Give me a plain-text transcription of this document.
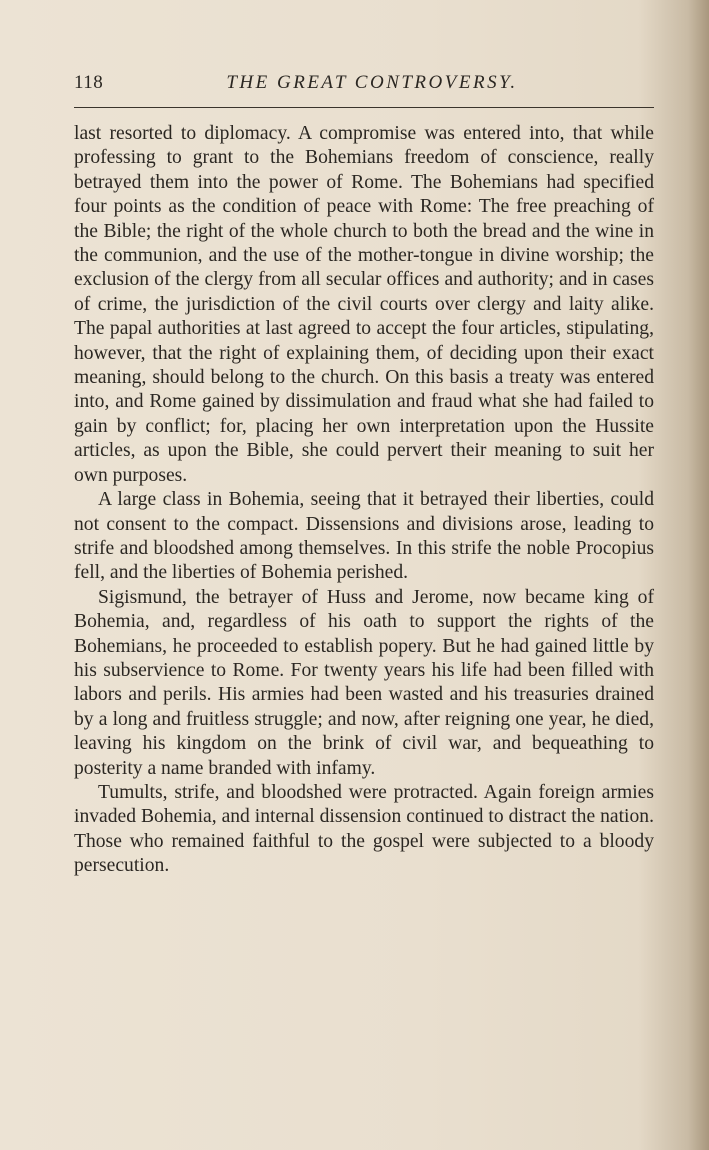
118	THE GREAT CONTROVERSY.

last resorted to diplomacy. A compromise was entered into, that while professing to grant to the Bohemians freedom of conscience, really betrayed them into the power of Rome. The Bohemians had specified four points as the condition of peace with Rome: The free preaching of the Bible; the right of the whole church to both the bread and the wine in the communion, and the use of the mother-tongue in divine worship; the exclusion of the clergy from all secular offices and authority; and in cases of crime, the jurisdiction of the civil courts over clergy and laity alike. The papal authorities at last agreed to accept the four articles, stipulating, however, that the right of explaining them, of deciding upon their exact meaning, should belong to the church. On this basis a treaty was entered into, and Rome gained by dissimulation and fraud what she had failed to gain by conflict; for, placing her own interpretation upon the Hussite articles, as upon the Bible, she could pervert their meaning to suit her own purposes.

A large class in Bohemia, seeing that it betrayed their liberties, could not consent to the compact. Dissensions and divisions arose, leading to strife and bloodshed among themselves. In this strife the noble Procopius fell, and the liberties of Bohemia perished.

Sigismund, the betrayer of Huss and Jerome, now became king of Bohemia, and, regardless of his oath to support the rights of the Bohemians, he proceeded to establish popery. But he had gained little by his subservience to Rome. For twenty years his life had been filled with labors and perils. His armies had been wasted and his treasuries drained by a long and fruitless struggle; and now, after reigning one year, he died, leaving his kingdom on the brink of civil war, and bequeathing to posterity a name branded with infamy.

Tumults, strife, and bloodshed were protracted. Again foreign armies invaded Bohemia, and internal dissension continued to distract the nation. Those who remained faithful to the gospel were subjected to a bloody persecution.
